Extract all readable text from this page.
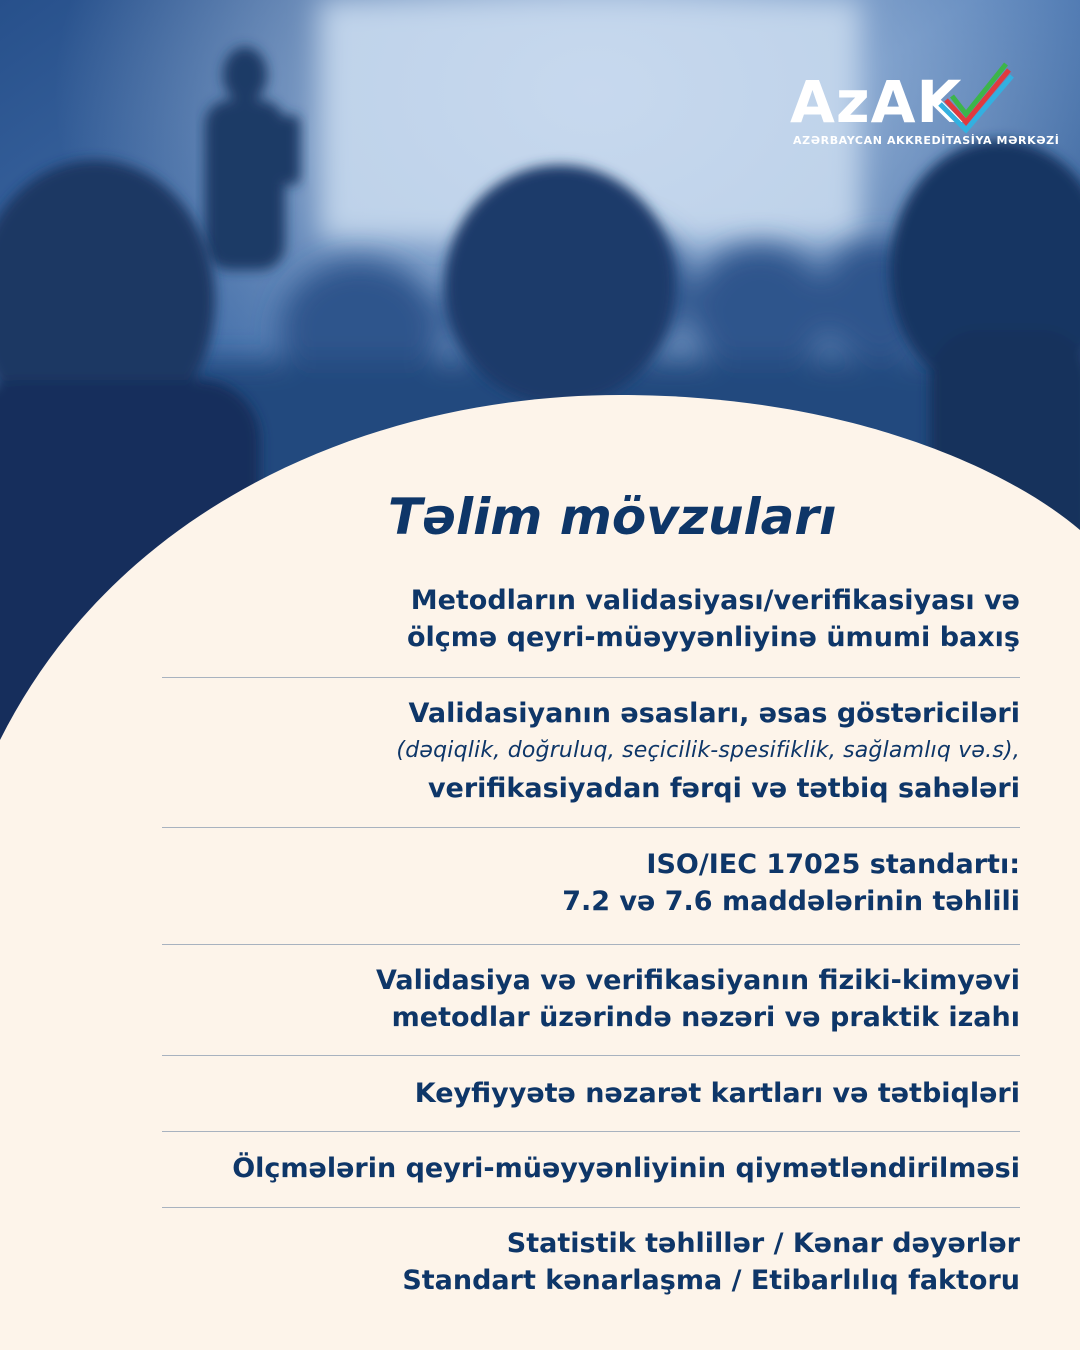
AzAK
AZƏRBAYCAN AKKREDİTASİYA MƏRKƏZİ
Təlim mövzuları
Metodların validasiyası/verifikasiyası və
ölçmə qeyri-müəyyənliyinə ümumi baxış
Validasiyanın əsasları, əsas göstəriciləri
(dəqiqlik, doğruluq, seçicilik-spesifiklik, sağlamlıq və.s),
verifikasiyadan fərqi və tətbiq sahələri
ISO/IEC 17025 standartı:
7.2 və 7.6 maddələrinin təhlili
Validasiya və verifikasiyanın fiziki-kimyəvi
metodlar üzərində nəzəri və praktik izahı
Keyfiyyətə nəzarət kartları və tətbiqləri
Ölçmələrin qeyri-müəyyənliyinin qiymətləndirilməsi
Statistik təhlillər / Kənar dəyərlər
Standart kənarlaşma / Etibarlılıq faktoru
